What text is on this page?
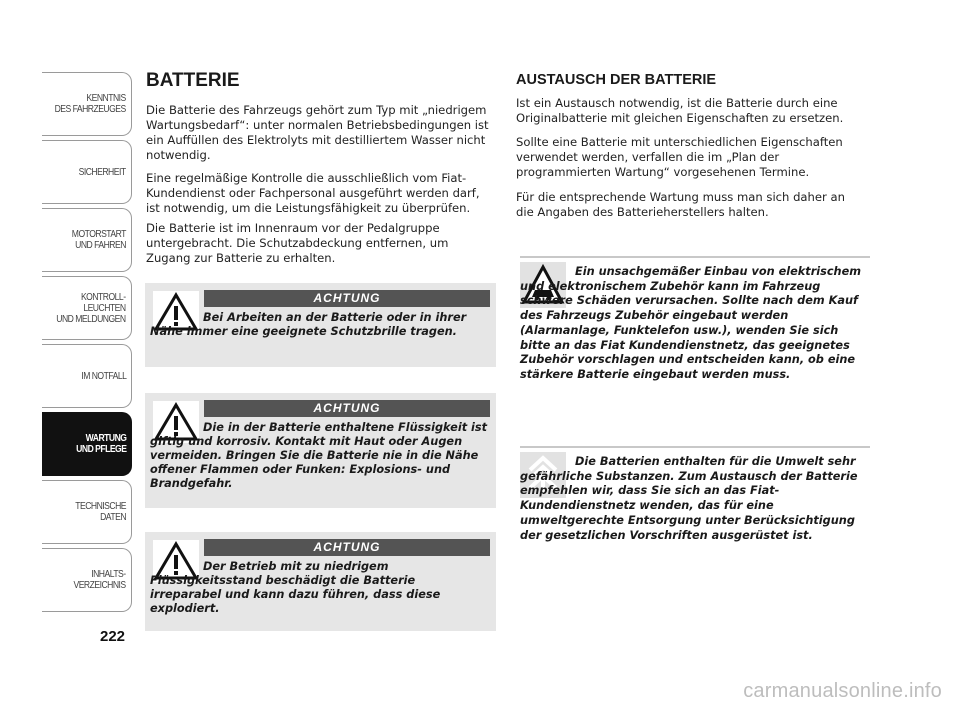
KENNTNIS
DES FAHRZEUGES
SICHERHEIT
MOTORSTART
UND FAHREN
KONTROLL-
LEUCHTEN
UND MELDUNGEN
IM NOTFALL
WARTUNG
UND PFLEGE
TECHNISCHE
DATEN
INHALTS-
VERZEICHNIS
222
BATTERIE

Die Batterie des Fahrzeugs gehört zum Typ mit „niedrigem Wartungsbedarf“: unter normalen Betriebsbedingungen ist ein Auffüllen des Elektrolyts mit destilliertem Wasser nicht notwendig.

Eine regelmäßige Kontrolle die ausschließlich vom Fiat-Kundendienst oder Fachpersonal ausgeführt werden darf, ist notwendig, um die Leistungsfähigkeit zu überprüfen.

Die Batterie ist im Innenraum vor der Pedalgruppe untergebracht. Die Schutzabdeckung entfernen, um Zugang zur Batterie zu erhalten.

ACHTUNG

Bei Arbeiten an der Batterie oder in ihrer Nähe immer eine geeignete Schutzbrille tragen.

ACHTUNG

Die in der Batterie enthaltene Flüssigkeit ist giftig und korrosiv. Kontakt mit Haut oder Augen vermeiden. Bringen Sie die Batterie nie in die Nähe offener Flammen oder Funken: Explosions- und Brandgefahr.

ACHTUNG

Der Betrieb mit zu niedrigem Flüssigkeitsstand beschädigt die Batterie irreparabel und kann dazu führen, dass diese explodiert.

AUSTAUSCH DER BATTERIE

Ist ein Austausch notwendig, ist die Batterie durch eine Originalbatterie mit gleichen Eigenschaften zu ersetzen.

Sollte eine Batterie mit unterschiedlichen Eigenschaften verwendet werden, verfallen die im „Plan der programmierten Wartung“ vorgesehenen Termine.

Für die entsprechende Wartung muss man sich daher an die Angaben des Batterieherstellers halten.

Ein unsachgemäßer Einbau von elektrischem und elektronischem Zubehör kann im Fahrzeug schwere Schäden verursachen. Sollte nach dem Kauf des Fahrzeugs Zubehör eingebaut werden (Alarmanlage, Funktelefon usw.), wenden Sie sich bitte an das Fiat Kundendienstnetz, das geeignetes Zubehör vorschlagen und entscheiden kann, ob eine stärkere Batterie eingebaut werden muss.

Die Batterien enthalten für die Umwelt sehr gefährliche Substanzen. Zum Austausch der Batterie empfehlen wir, dass Sie sich an das Fiat-Kundendienstnetz wenden, das für eine umweltgerechte Entsorgung unter Berücksichtigung der gesetzlichen Vorschriften ausgerüstet ist.

carmanualsonline.info
